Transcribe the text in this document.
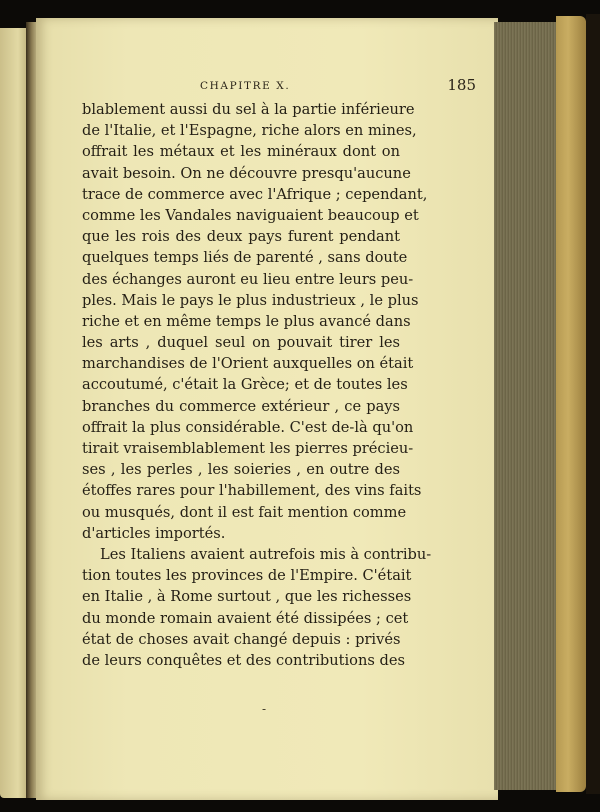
CHAPITRE X.	185
blablement aussi du sel à la partie inférieure
de l'Italie, et l'Espagne, riche alors en mines,
offrait les métaux et les minéraux dont on
avait besoin. On ne découvre presqu'aucune
trace de commerce avec l'Afrique ; cependant,
comme les Vandales naviguaient beaucoup et
que les rois des deux pays furent pendant
quelques temps liés de parenté , sans doute
des échanges auront eu lieu entre leurs peu-
ples. Mais le pays le plus industrieux , le plus
riche et en même temps le plus avancé dans
les arts , duquel seul on pouvait tirer les
marchandises de l'Orient auxquelles on était
accoutumé, c'était la Grèce; et de toutes les
branches du commerce extérieur , ce pays
offrait la plus considérable. C'est de-là qu'on
tirait vraisemblablement les pierres précieu-
ses , les perles , les soieries , en outre des
étoffes rares pour l'habillement, des vins faits
ou musqués, dont il est fait mention comme
d'articles importés.
Les Italiens avaient autrefois mis à contribu-
tion toutes les provinces de l'Empire. C'était
en Italie , à Rome surtout , que les richesses
du monde romain avaient été dissipées ; cet
état de choses avait changé depuis : privés
de leurs conquêtes et des contributions des
-
